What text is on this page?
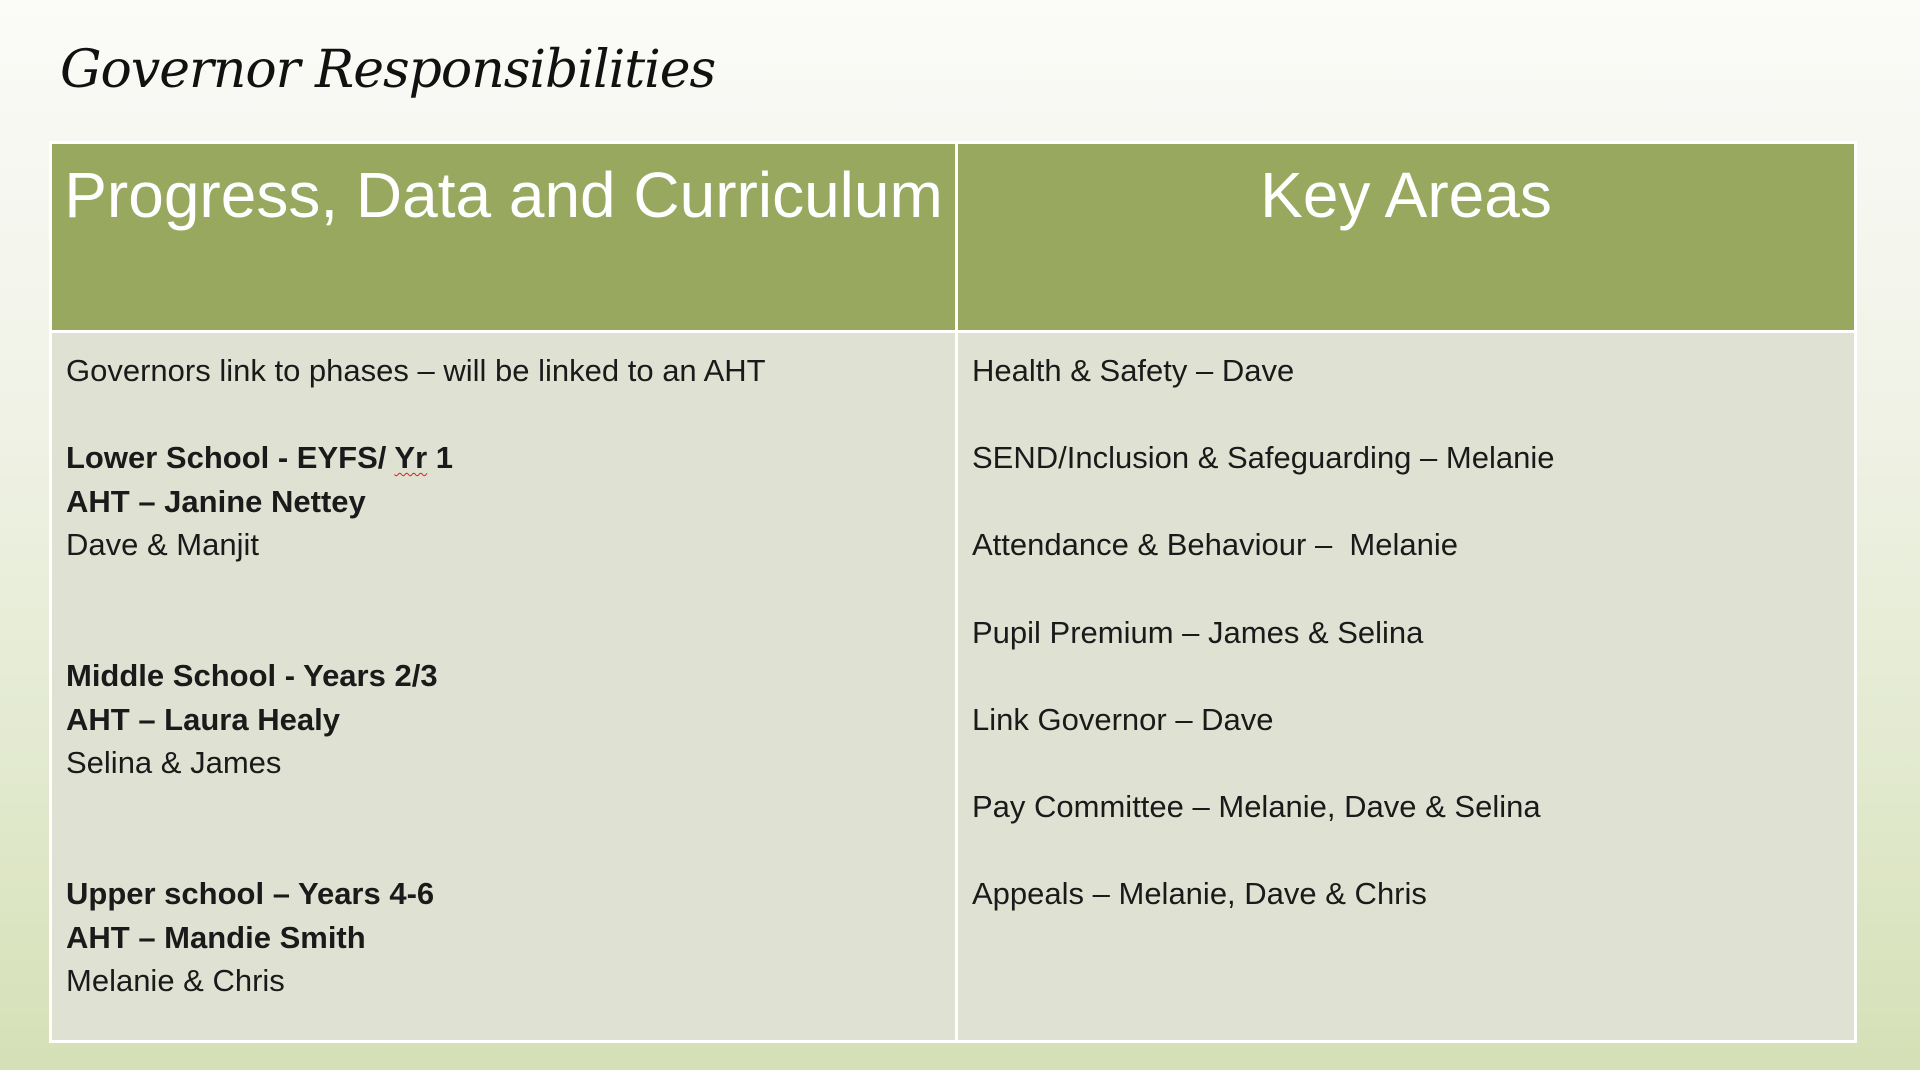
Governor Responsibilities
Progress, Data and Curriculum	Key Areas
Governors link to phases – will be linked to an AHT
Lower School - EYFS/ Yr 1
AHT – Janine Nettey
Dave & Manjit
Middle School - Years 2/3
AHT – Laura Healy
Selina & James
Upper school – Years 4-6
AHT – Mandie Smith
Melanie & Chris
Health & Safety – Dave
SEND/Inclusion & Safeguarding – Melanie
Attendance & Behaviour –  Melanie
Pupil Premium – James & Selina
Link Governor – Dave
Pay Committee – Melanie, Dave & Selina
Appeals – Melanie, Dave & Chris
